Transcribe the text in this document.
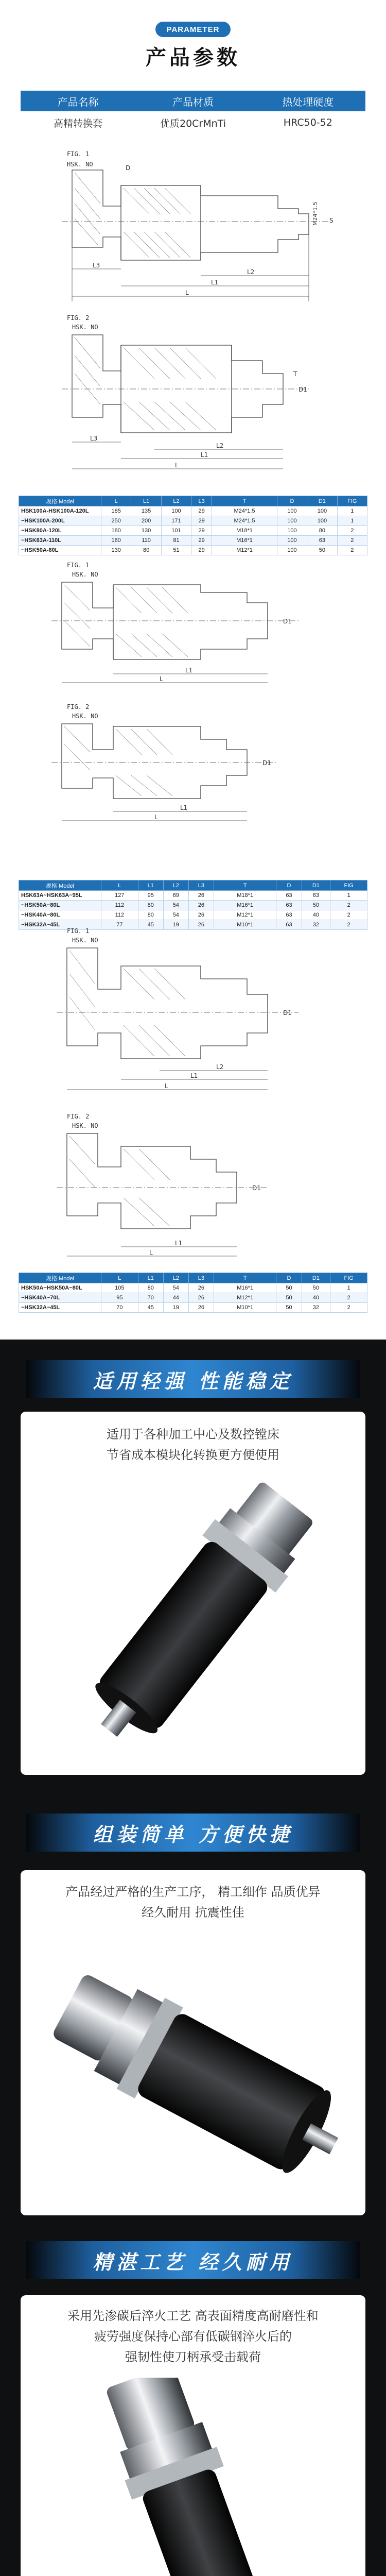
PARAMETER
产品参数
产品名称	产品材质	热处理硬度
高精转换套	优质20CrMnTi	HRC50-52
FIG. 1
HSK. NO
L
L1
L2
L3
D
M24*1.5 S
FIG. 2
HSK. NO
L
L1
L2
L3
D1
T
规格 Model	L	L1	L2	L3	T	D	D1	FIG
HSK100A-HSK100A-120L	185	135	100	29	M24*1.5	100	100	1
~HSK100A-200L	250	200	171	29	M24*1.5	100	100	1
~HSK80A-120L	180	130	101	29	M18*1	100	80	2
~HSK63A-110L	160	110	81	29	M16*1	100	63	2
~HSK50A-80L	130	80	51	29	M12*1	100	50	2
FIG. 1
HSK. NO
L
L1
D1
FIG. 2
HSK. NO
L
L1
D1
规格 Model	L	L1	L2	L3	T	D	D1	FIG
HSK63A~HSK63A~95L	127	95	69	26	M18*1	63	63	1
~HSK50A~80L	112	80	54	26	M16*1	63	50	2
~HSK40A~80L	112	80	54	26	M12*1	63	40	2
~HSK32A~45L	77	45	19	26	M10*1	63	32	2
FIG. 1
HSK. NO
L
L1
L2
D1
FIG. 2
HSK. NO
L
L1
D1
规格 Model	L	L1	L2	L3	T	D	D1	FIG
HSK50A~HSK50A~80L	105	80	54	26	M16*1	50	50	1
~HSK40A~70L	95	70	44	26	M12*1	50	40	2
~HSK32A~45L	70	45	19	26	M10*1	50	32	2
适用轻强 性能稳定
适用于各种加工中心及数控镗床
节省成本模块化转换更方便使用
组装简单 方便快捷
产品经过严格的生产工序， 精工细作 品质优异
经久耐用 抗震性佳
精湛工艺 经久耐用
采用先渗碳后淬火工艺 高表面精度高耐磨性和
疲劳强度保持心部有低碳钢淬火后的
强韧性使刀柄承受击载荷
